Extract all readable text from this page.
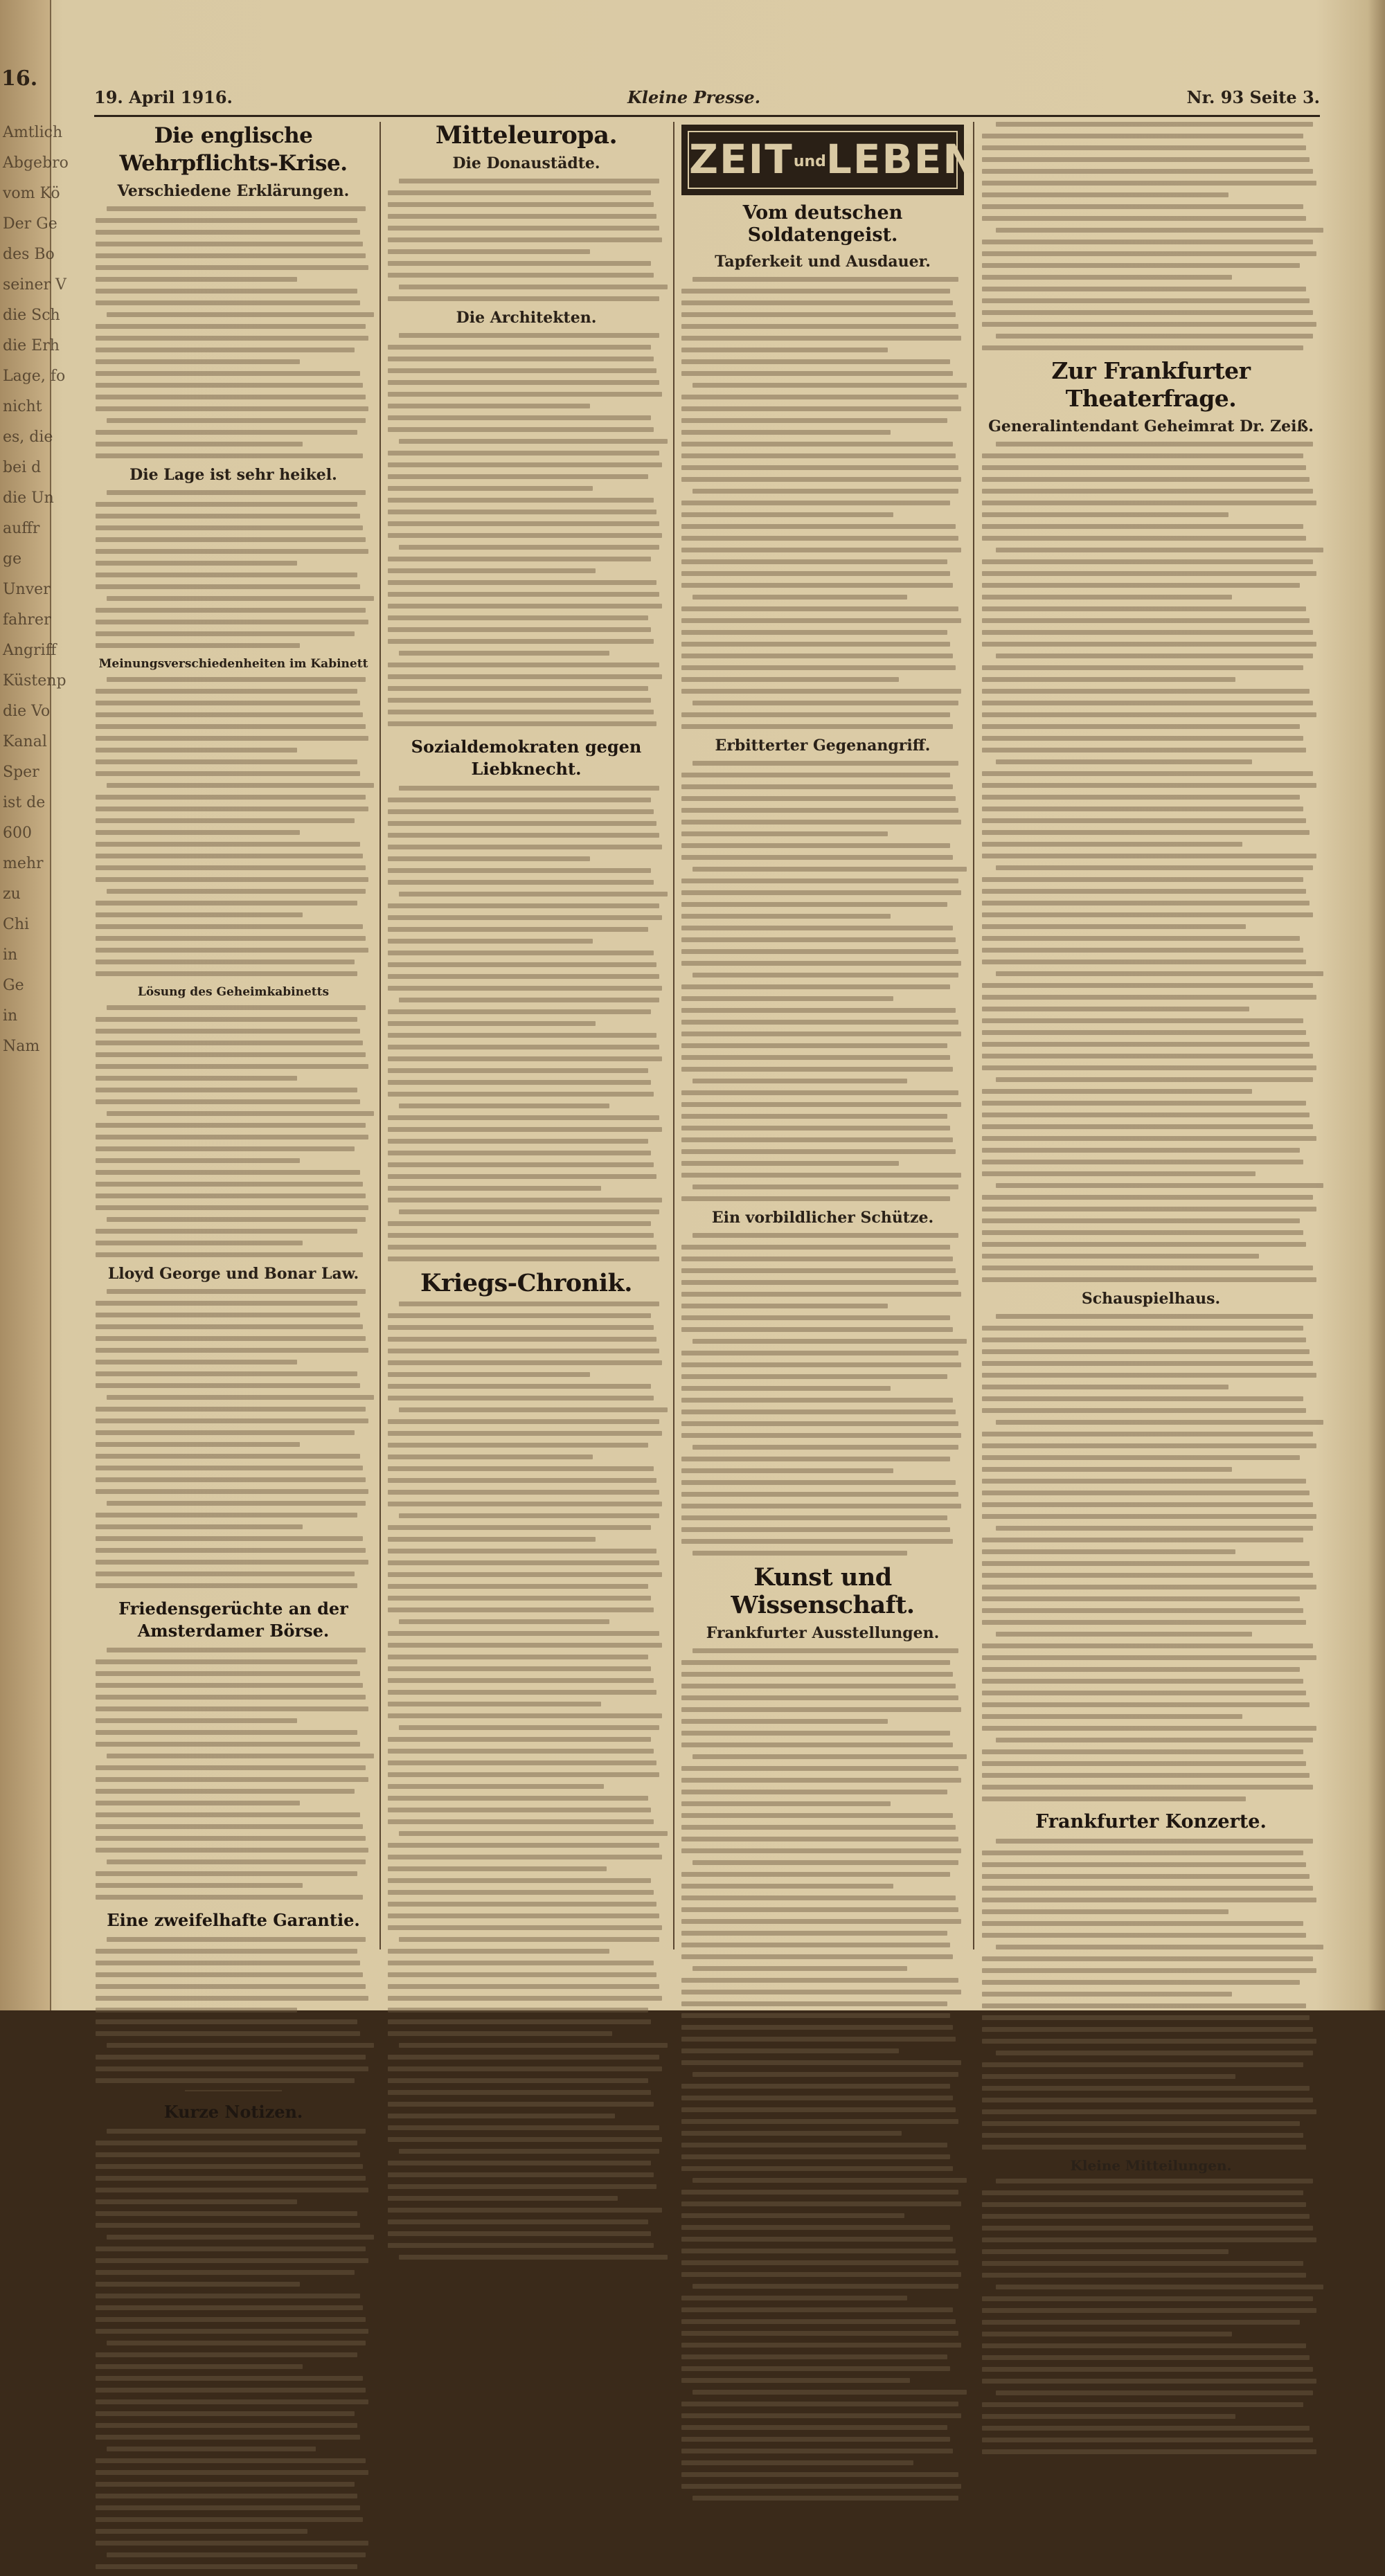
16.
Amtlich
Abgebro
vom Kö
Der Ge
des Bo
seiner V
die Sch
die Erh
Lage, fo
nicht
es, die
bei d
die Un
auffr
ge
Unver
fahrer
Angriff
Küstenp
die Vo
Kanal
Sper
ist de
600
mehr
zu
Chi
in
Ge
in
Nam
19. April 1916.	Kleine Presse.	Nr. 93 Seite 3.
Die englische Wehrpflichts-Krise.
Verschiedene Erklärungen.

Die Lage ist sehr heikel.
Meinungsverschiedenheiten im Kabinett
Lösung des Geheimkabinetts
Lloyd George und Bonar Law.
Friedensgerüchte an der Amsterdamer Börse.
Eine zweifelhafte Garantie.
Kurze Notizen.
Mitteleuropa.
Die Donaustädte.
Die Architekten.
Sozialdemokraten gegen Liebknecht.
Kriegs-Chronik.
ZEITundLEBEN
Vom deutschen Soldatengeist.
Tapferkeit und Ausdauer.
Erbitterter Gegenangriff.
Ein vorbildlicher Schütze.
Kunst und Wissenschaft.
Frankfurter Ausstellungen.
Zur Frankfurter Theaterfrage.
Generalintendant Geheimrat Dr. Zeiß.
Schauspielhaus.
Frankfurter Konzerte.
Kleine Mitteilungen.
